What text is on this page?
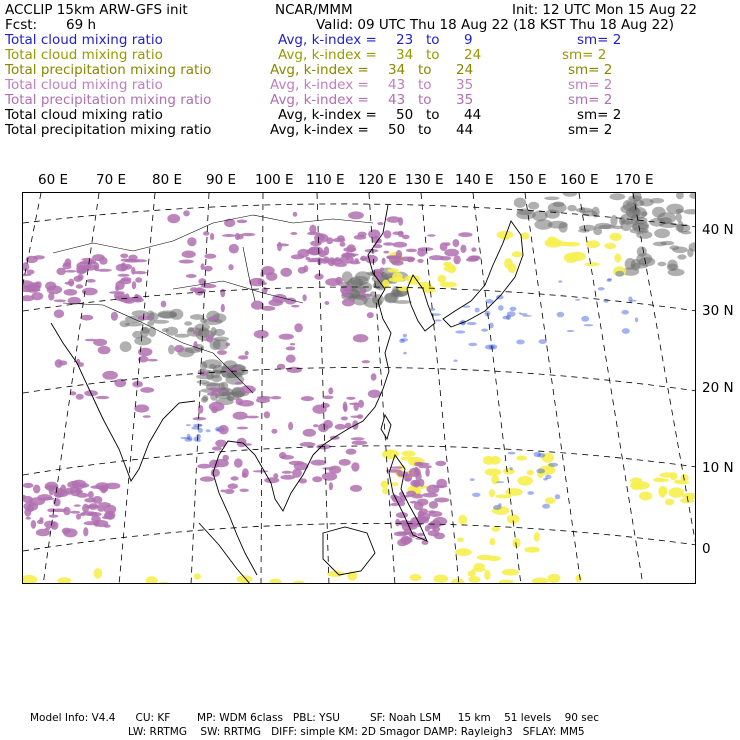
ACCLIP 15km ARW-GFS init	NCAR/MMM	Init: 12 UTC Mon 15 Aug 22
Fcst: 69 h	Valid: 09 UTC Thu 18 Aug 22 (18 KST Thu 18 Aug 22)
Total cloud mixing ratio	Avg, k-index = 23 to 9	sm= 2
Total cloud mixing ratio	Avg, k-index = 34 to 24	sm= 2
Total precipitation mixing ratio	Avg, k-index = 34 to 24	sm= 2
Total cloud mixing ratio	Avg, k-index = 43 to 35	sm= 2
Total precipitation mixing ratio	Avg, k-index = 43 to 35	sm= 2
Total cloud mixing ratio	Avg, k-index = 50 to 44	sm= 2
Total precipitation mixing ratio	Avg, k-index = 50 to 44	sm= 2
60 E 70 E 80 E 90 E 100 E 110 E 120 E 130 E 140 E 150 E 160 E 170 E
40 N
30 N
20 N
10 N
0
Model Info: V4.4      CU: KF        MP: WDM 6class   PBL: YSU         SF: Noah LSM     15 km    51 levels    90 sec
LW: RRTMG    SW: RRTMG   DIFF: simple KM: 2D Smagor DAMP: Rayleigh3   SFLAY: MM5
